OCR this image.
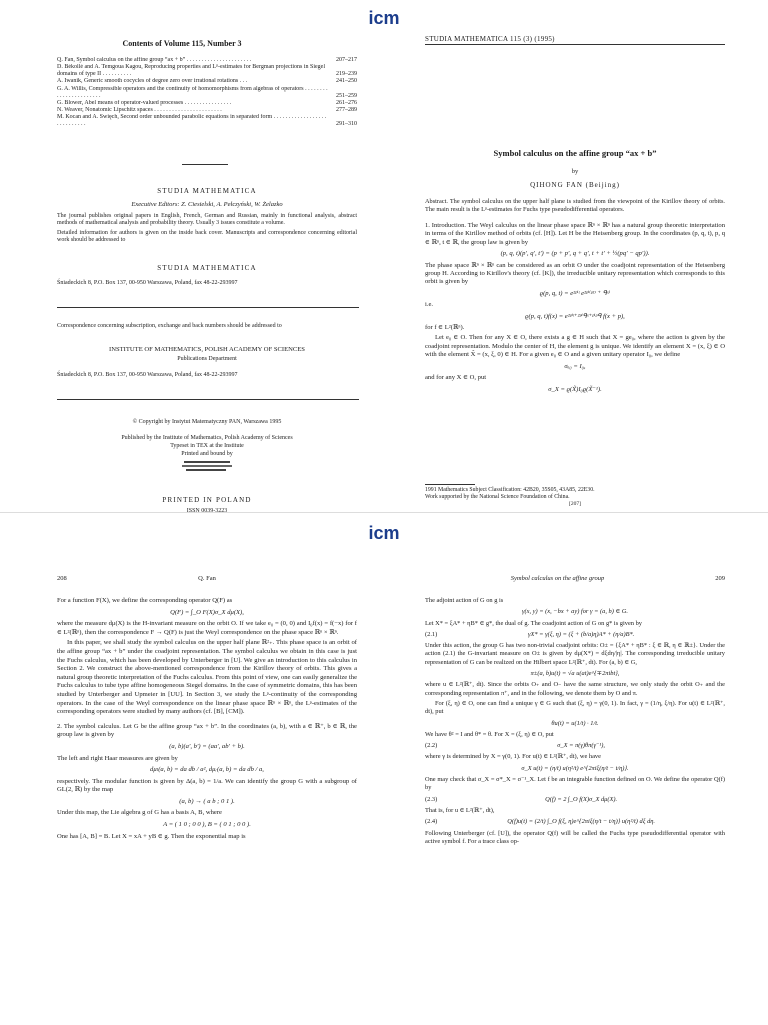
icm
Contents of Volume 115, Number 3
Q. Fan, Symbol calculus on the affine group “ax + b” . . . . . . . . . . . . . . . . . . . . . .	207–217
D. Békollé and A. Temgoua Kagou, Reproducing properties and Lᵖ-estimates for Bergman projections in Siegel domains of type II . . . . . . . . . .	219–239
A. Iwanik, Generic smooth cocycles of degree zero over irrational rotations . . .	241–250
G. A. Willis, Compressible operators and the continuity of homomorphisms from algebras of operators . . . . . . . . . . . . . . . . . . . . . . .	251–259
G. Blower, Abel means of operator-valued processes . . . . . . . . . . . . . . . .	261–276
N. Weaver, Nonatomic Lipschitz spaces . . . . . . . . . . . . . . . . . . . . . . .	277–289
M. Kocan and A. Święch, Second order unbounded parabolic equations in separated form . . . . . . . . . . . . . . . . . . . . . . . . . . . .	291–310
STUDIA MATHEMATICA
Executive Editors: Z. Ciesielski, A. Pełczyński, W. Żelazko

The journal publishes original papers in English, French, German and Russian, mainly in functional analysis, abstract methods of mathematical analysis and probability theory. Usually 3 issues constitute a volume.

Detailed information for authors is given on the inside back cover. Manuscripts and correspondence concerning editorial work should be addressed to

STUDIA MATHEMATICA
Śniadeckich 8, P.O. Box 137, 00-950 Warszawa, Poland, fax 48-22-293997
Correspondence concerning subscription, exchange and back numbers should be addressed to
INSTITUTE OF MATHEMATICS, POLISH ACADEMY OF SCIENCES
Publications Department
Śniadeckich 8, P.O. Box 137, 00-950 Warszawa, Poland, fax 48-22-293997
© Copyright by Instytut Matematyczny PAN, Warszawa 1995
Published by the Institute of Mathematics, Polish Academy of Sciences
Typeset in TEX at the Institute
Printed and bound by
PRINTED IN POLAND
ISSN 0039-3223
STUDIA MATHEMATICA 115 (3) (1995)
Symbol calculus on the affine group “ax + b”
by
QIHONG FAN (Beijing)
Abstract. The symbol calculus on the upper half plane is studied from the viewpoint of the Kirillov theory of orbits. The main result is the Lᵖ-estimates for Fuchs type pseudodifferential operators.

1. Introduction. The Weyl calculus on the linear phase space ℝⁿ × ℝⁿ has a natural group theoretic interpretation in terms of the Kirillov method of orbits (cf. [H]). Let H be the Heisenberg group. In the coordinates (p, q, t), p, q ∈ ℝⁿ, t ∈ ℝ, the group law is given by

(p, q, t)(p′, q′, t′) = (p + p′, q + q′, t + t′ + ½(pq′ − qp′)).

The phase space ℝⁿ × ℝⁿ can be considered as an orbit O under the coadjoint representation of the Heisenberg group H. According to Kirillov's theory (cf. [K]), the irreducible unitary representation which corresponds to this orbit is given by

ϱ(p, q, t) = e²ᵖⁱᵗ e²ᵖⁱ⁽ᵖᴰ ⁺ ᑫˣ⁾
i.e.
ϱ(p, q, t)f(x) = e²ᵖⁱᵗ⁺²ᵖⁱᑫˣ⁺ᵖⁱᵖᑫ f(x + p),

for f ∈ L²(ℝⁿ).

Let e₀ ∈ O. Then for any X ∈ O, there exists a g ∈ H such that X = ge₀, where the action is given by the coadjoint representation. Modulo the center of H, the element g is unique. We identify an element X = (x, ξ) ∈ O with the element X̃ = (x, ξ, 0) ∈ H. For a given e₀ ∈ O and a given unitary operator I₀, we define

σₑ₀ = I₀,

and for any X ∈ O, put

σ_X = ϱ(X̃)I₀ϱ(X̃⁻¹).
1991 Mathematics Subject Classification: 42B20, 35S05, 43A85, 22E30.
Work supported by the National Science Foundation of China.
[207]
icm
208	Q. Fan	Symbol calculus on the affine group	209

For a function F(X), we define the corresponding operator Q(F) as

Q(F) = ∫_O F(X)σ_X dμ(X),

where the measure dμ(X) is the H-invariant measure on the orbit O. If we take e₀ = (0, 0) and I₀f(x) = f(−x) for f ∈ L²(ℝⁿ), then the correspondence F → Q(F) is just the Weyl correspondence on the phase space ℝⁿ × ℝⁿ.

In this paper, we shall study the symbol calculus on the upper half plane ℝ²₊. This phase space is an orbit of the affine group “ax + b” under the coadjoint representation. The symbol calculus we obtain in this case is just the Fuchs calculus, which has been developed by Unterberger in [U]. We give an introduction to this calculus in Section 2. We construct the above-mentioned correspondence from the Kirillov theory of orbits. This gives a natural group theoretic interpretation of the Fuchs calculus. From this point of view, one can easily generalize the Fuchs calculus to tube type affine homogeneous Siegel domains. In the case of symmetric domains, this has been studied by Unterberger and Upmeier in [UU]. In Section 3, we study the Lᵖ-continuity of the corresponding operators. In the case of the Weyl correspondence on the linear phase space ℝⁿ × ℝⁿ, the Lᵖ-estimates of the corresponding operators were studied by many authors (cf. [B], [CM]).

2. The symbol calculus. Let G be the affine group “ax + b”. In the coordinates (a, b), with a ∈ ℝ⁺, b ∈ ℝ, the group law is given by

(a, b)(a′, b′) = (aa′, ab′ + b).

The left and right Haar measures are given by

dμₗ(a, b) = da db / a², dμᵣ(a, b) = da db / a,

respectively. The modular function is given by Δ(a, b) = 1/a. We can identify the group G with a subgroup of GL(2, ℝ) by the map

(a, b) → ( a b ; 0 1 ).

Under this map, the Lie algebra g of G has a basis A, B, where

A = ( 1 0 ; 0 0 ), B = ( 0 1 ; 0 0 ).

One has [A, B] = B. Let X = xA + yB ∈ g. Then the exponential map is

The adjoint action of G on g is

γ(x, y) = (x, −bx + ay) for γ = (a, b) ∈ G.

Let X* = ξA* + ηB* ∈ g*, the dual of g. The coadjoint action of G on g* is given by

(2.1)	γX* = γ(ξ, η) = (ξ + (b/a)η)A* + (η/a)B*.

Under this action, the group G has two non-trivial coadjoint orbits: O± = {ξA* + ηB* : ξ ∈ ℝ, η ∈ ℝ±}. Under the action (2.1) the G-invariant measure on O± is given by dμ(X*) = dξdη/|η|. The corresponding irreducible unitary representation of G can be realized on the Hilbert space L²(ℝ⁺, dt). For (a, b) ∈ G,

π±(a, b)u(t) = √a u(at)e^{∓2πibt},

where u ∈ L²(ℝ⁺, dt). Since the orbits O₊ and O₋ have the same structure, we only study the orbit O₊ and the corresponding representation π⁺, and in the following, we denote them by O and π.

For (ξ, η) ∈ O, one can find a unique γ ∈ G such that (ξ, η) = γ(0, 1). In fact, γ = (1/η, ξ/η). For u(t) ∈ L²(ℝ⁺, dt), put

θu(t) = u(1/t) · 1/t.

We have θ² = I and θ* = θ. For X = (ξ, η) ∈ O, put

(2.2)	σ_X = π(γ)θπ(γ⁻¹),

where γ is determined by X = γ(0, 1). For u(t) ∈ L²(ℝ⁺, dt), we have

σ_X u(t) = (η/t) u(η²/t) e^{2πiξ(η/t − t/η)}.

One may check that σ_X = σ*_X = σ⁻¹_X. Let f be an integrable function defined on O. We define the operator Q(f) by

(2.3)	Q(f) = 2 ∫_O f(X)σ_X dμ(X).

That is, for u ∈ L²(ℝ⁺, dt),

(2.4)	Q(f)u(t) = (2/t) ∫_O f(ξ, η)e^{2πiξ(η/t − t/η)} u(η²/t) dξ dη.

Following Unterberger (cf. [U]), the operator Q(f) will be called the Fuchs type pseudodifferential operator with active symbol f. For a trace class op-
